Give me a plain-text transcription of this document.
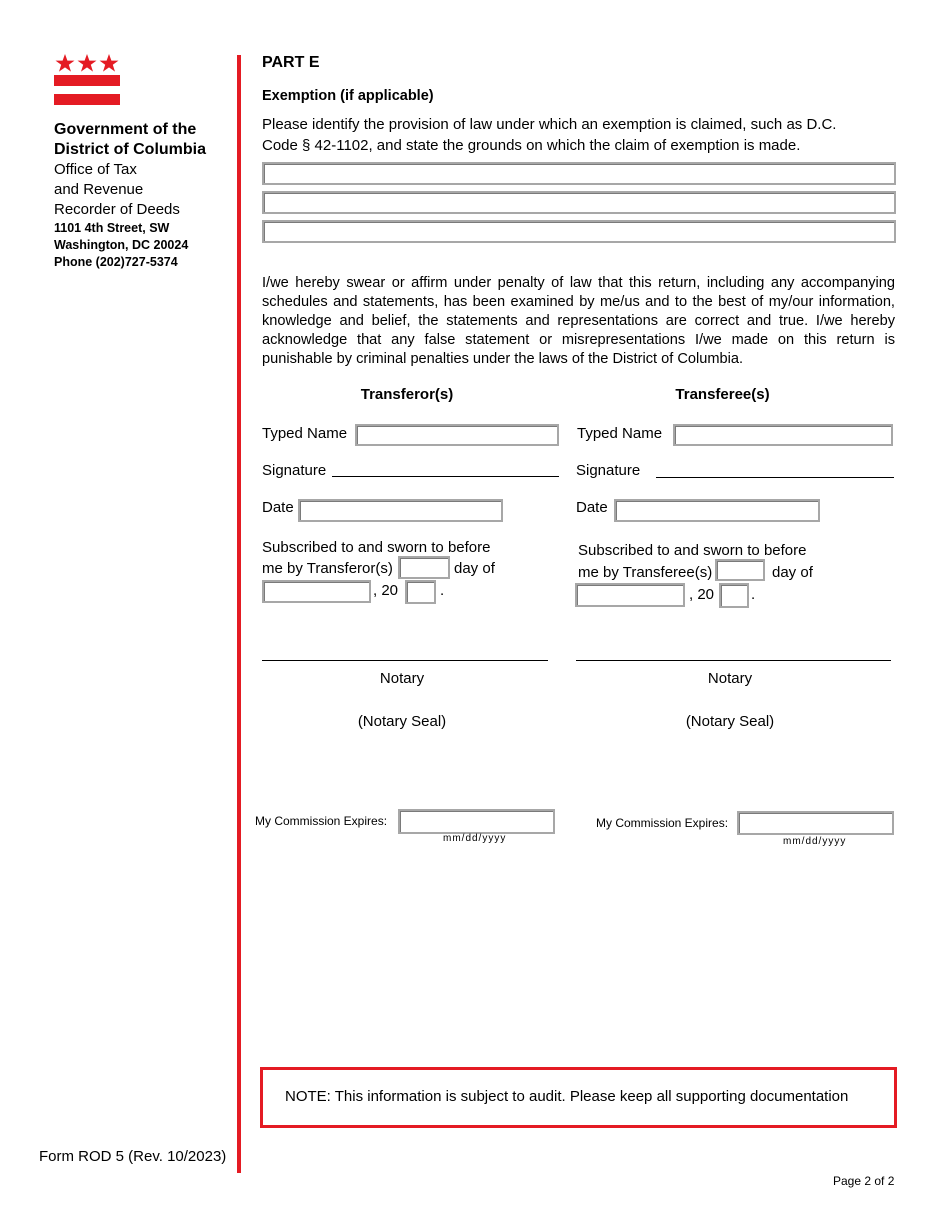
Government of the
District of Columbia
Office of Tax
and Revenue
Recorder of Deeds
1101 4th Street, SW
Washington, DC 20024
Phone (202)727-5374
Form ROD 5 (Rev. 10/2023)
PART E
Exemption (if applicable)
Please identify the provision of law under which an exemption is claimed, such as D.C.
Code § 42-1102, and state the grounds on which the claim of exemption is made.
I/we hereby swear or affirm under penalty of law that this return, including any accompanying schedules and statements, has been examined by me/us and to the best of my/our information, knowledge and belief, the statements and representations are correct and true. I/we hereby acknowledge that any false statement or misrepresentations I/we made on this return is punishable by criminal penalties under the laws of the District of Columbia.
Transferor(s)
Typed Name
Signature
Date
Subscribed to and sworn to before
me by Transferor(s)	day of
, 20	.
Notary
(Notary Seal)
My Commission Expires:
mm/dd/yyyy
Transferee(s)
Typed Name
Signature
Date
Subscribed to and sworn to before
me by Transferee(s)	day of
, 20 .
Notary
(Notary Seal)
My Commission Expires:
mm/dd/yyyy
NOTE: This information is subject to audit. Please keep all supporting documentation
Page 2 of 2
